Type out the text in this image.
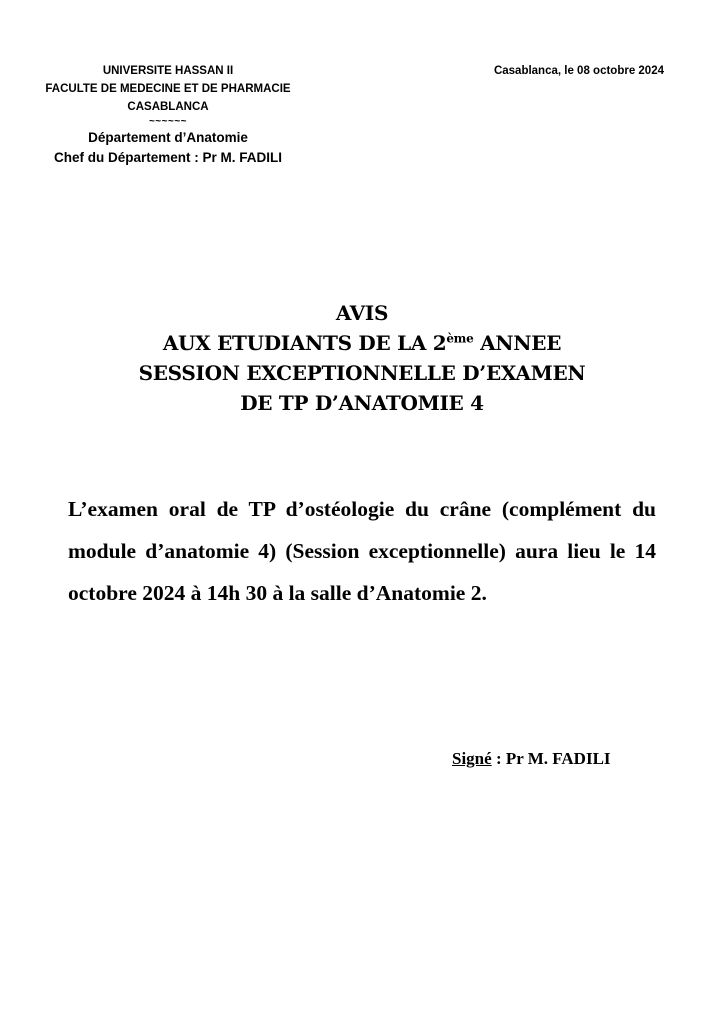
UNIVERSITE HASSAN II
FACULTE DE MEDECINE ET DE PHARMACIE
CASABLANCA
~~~~~~
Département d’Anatomie
Chef du Département : Pr M. FADILI
Casablanca, le 08 octobre 2024
AVIS
AUX ETUDIANTS DE LA 2ème ANNEE
SESSION EXCEPTIONNELLE D’EXAMEN
DE TP D’ANATOMIE 4
L’examen oral de TP d’ostéologie du crâne (complément du module d’anatomie 4) (Session exceptionnelle) aura lieu le 14 octobre 2024 à 14h 30 à la salle d’Anatomie 2.
Signé : Pr M. FADILI
